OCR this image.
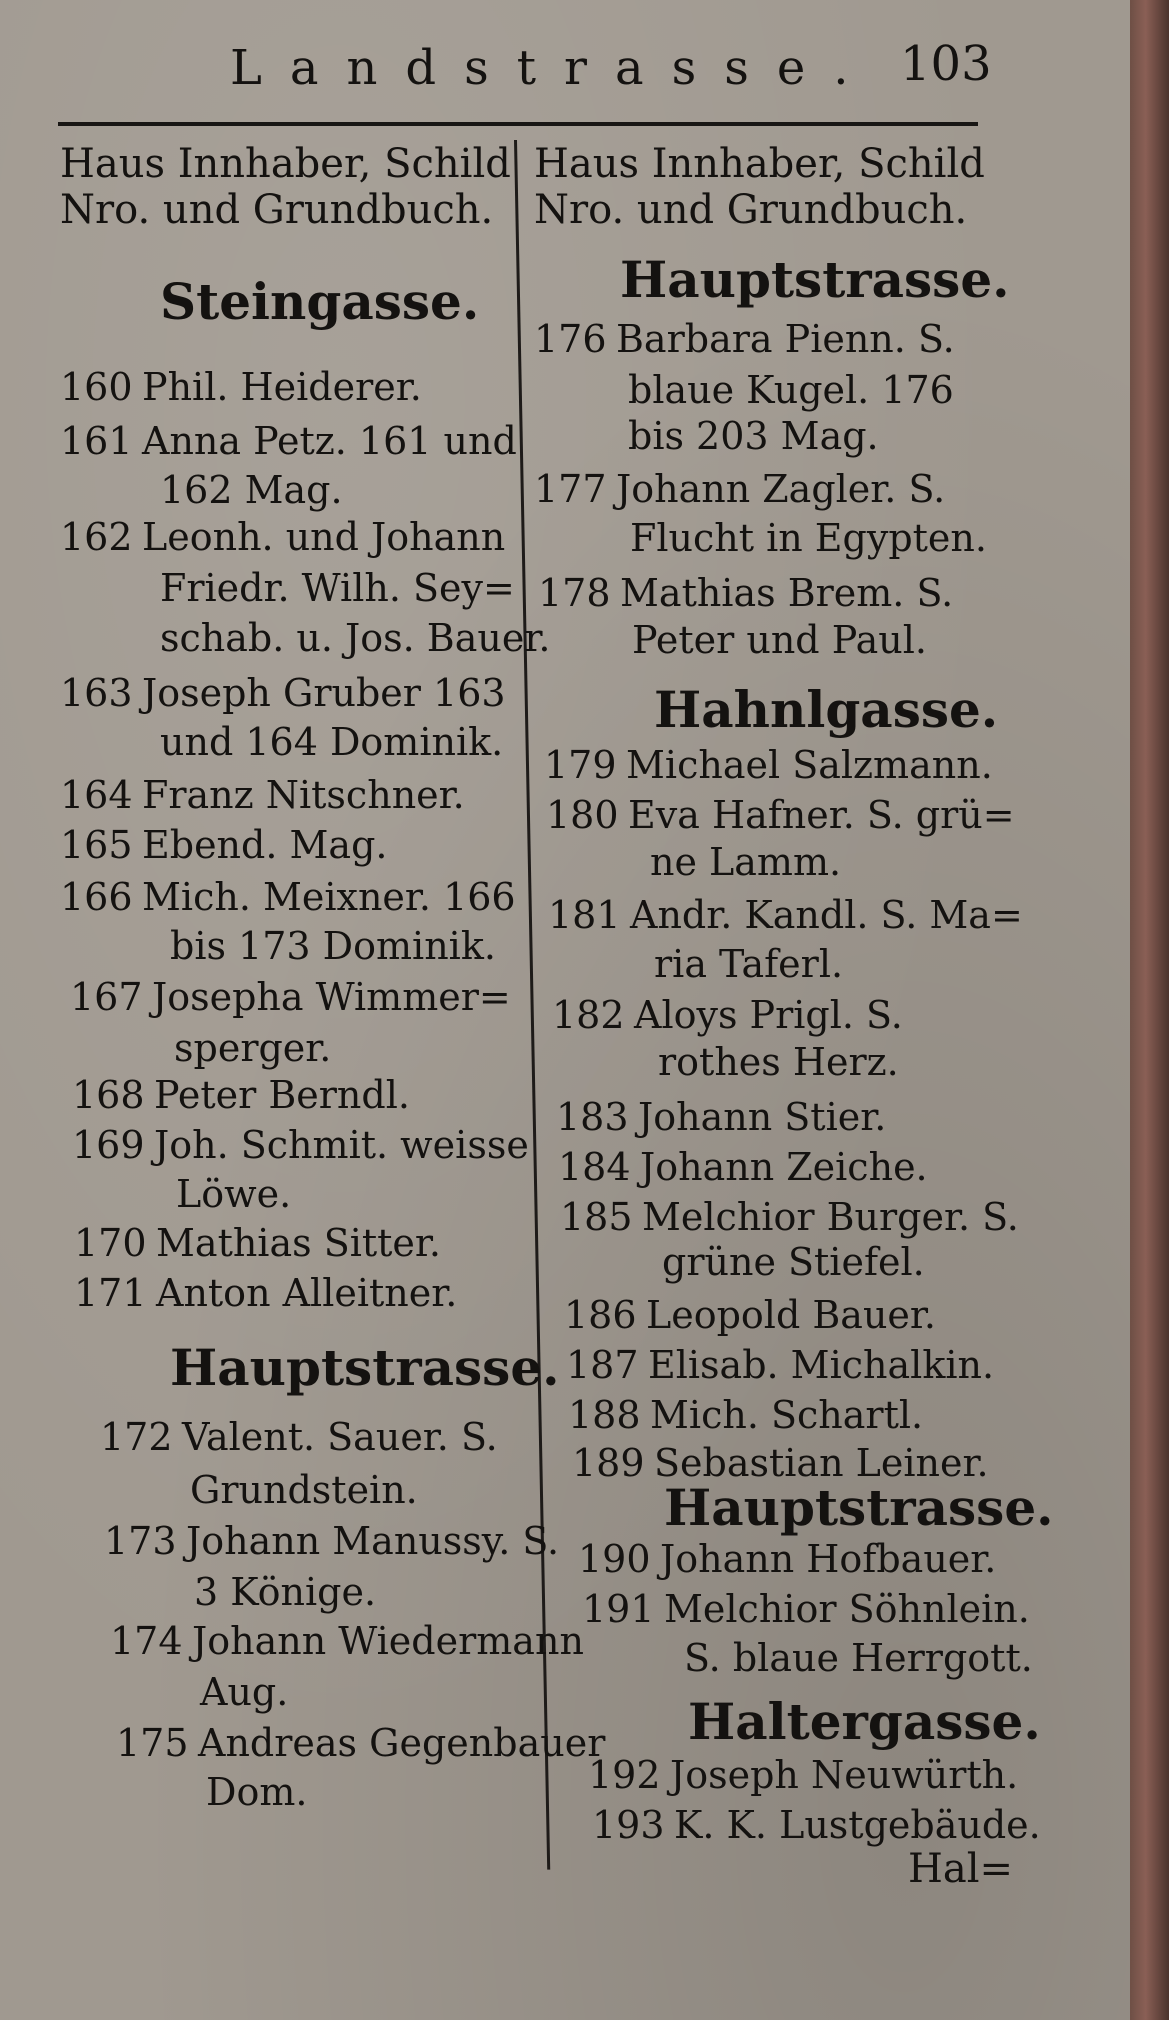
Landstrasse. 103
Haus Innhaber, Schild
Nro. und Grundbuch.
Steingasse.
160 Phil. Heiderer.
161 Anna Petz. 161 und
162 Mag.
162 Leonh. und Johann
Friedr. Wilh. Sey=
schab. u. Jos. Bauer.
163 Joseph Gruber 163
und 164 Dominik.
164 Franz Nitschner.
165 Ebend. Mag.
166 Mich. Meixner. 166
bis 173 Dominik.
167 Josepha Wimmer=
sperger.
168 Peter Berndl.
169 Joh. Schmit. weisse
Löwe.
170 Mathias Sitter.
171 Anton Alleitner.
Hauptstrasse.
172 Valent. Sauer. S.
Grundstein.
173 Johann Manussy. S.
3 Könige.
174 Johann Wiedermann
Aug.
175 Andreas Gegenbauer
Dom.
Haus Innhaber, Schild
Nro. und Grundbuch.
Hauptstrasse.
176 Barbara Pienn. S.
blaue Kugel. 176
bis 203 Mag.
177 Johann Zagler. S.
Flucht in Egypten.
178 Mathias Brem. S.
Peter und Paul.
Hahnlgasse.
179 Michael Salzmann.
180 Eva Hafner. S. grü=
ne Lamm.
181 Andr. Kandl. S. Ma=
ria Taferl.
182 Aloys Prigl. S.
rothes Herz.
183 Johann Stier.
184 Johann Zeiche.
185 Melchior Burger. S.
grüne Stiefel.
186 Leopold Bauer.
187 Elisab. Michalkin.
188 Mich. Schartl.
189 Sebastian Leiner.
Hauptstrasse.
190 Johann Hofbauer.
191 Melchior Söhnlein.
S. blaue Herrgott.
Haltergasse.
192 Joseph Neuwürth.
193 K. K. Lustgebäude.
Hal=
